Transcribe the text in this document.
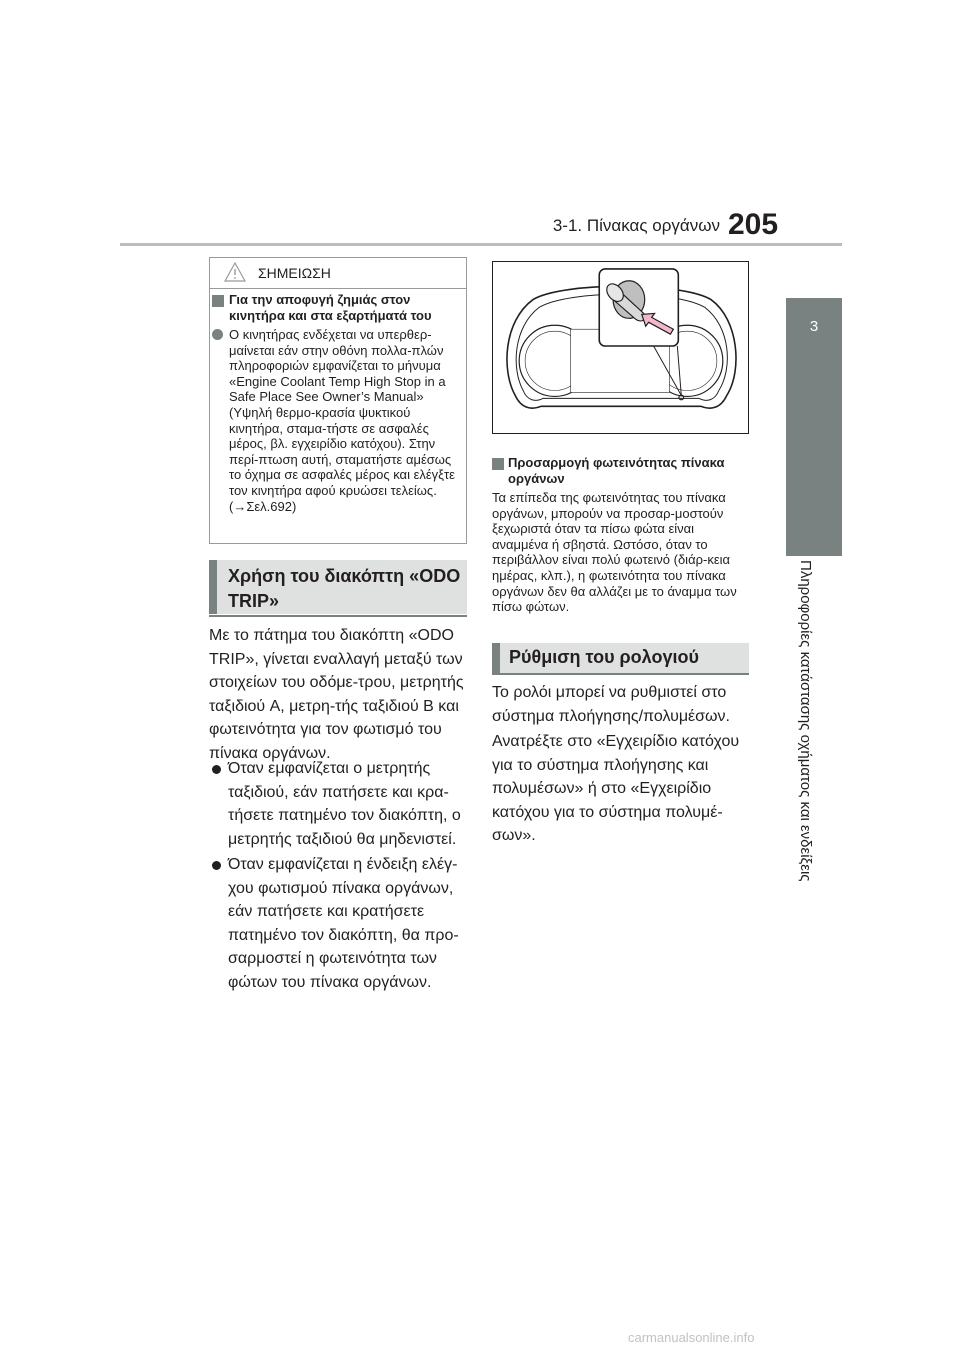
3-1. Πίνακας οργάνων 205
3
Πληροφορίες κατάστασης οχήματος και ενδείξεις
ΣΗΜΕΙΩΣΗ
Για την αποφυγή ζημιάς στον κινητήρα και στα εξαρτήματά του
Ο κινητήρας ενδέχεται να υπερθερ-μαίνεται εάν στην οθόνη πολλα-πλών πληροφοριών εμφανίζεται το μήνυμα «Engine Coolant Temp High Stop in a Safe Place See Owner’s Manual» (Υψηλή θερμο-κρασία ψυκτικού κινητήρα, σταμα-τήστε σε ασφαλές μέρος, βλ. εγχειρίδιο κατόχου). Στην περί-πτωση αυτή, σταματήστε αμέσως το όχημα σε ασφαλές μέρος και ελέγξτε τον κινητήρα αφού κρυώσει τελείως. (→Σελ.692)
Χρήση του διακόπτη «ODO TRIP»
Με το πάτημα του διακόπτη «ODO TRIP», γίνεται εναλλαγή μεταξύ των στοιχείων του οδόμε-τρου, μετρητής ταξιδιού A, μετρη-τής ταξιδιού B και φωτεινότητα για τον φωτισμό του πίνακα οργάνων.
Όταν εμφανίζεται ο μετρητής ταξιδιού, εάν πατήσετε και κρα-τήσετε πατημένο τον διακόπτη, ο μετρητής ταξιδιού θα μηδενιστεί.
Όταν εμφανίζεται η ένδειξη ελέγ-χου φωτισμού πίνακα οργάνων, εάν πατήσετε και κρατήσετε πατημένο τον διακόπτη, θα προ-σαρμοστεί η φωτεινότητα των φώτων του πίνακα οργάνων.
Προσαρμογή φωτεινότητας πίνακα οργάνων
Τα επίπεδα της φωτεινότητας του πίνακα οργάνων, μπορούν να προσαρ-μοστούν ξεχωριστά όταν τα πίσω φώτα είναι αναμμένα ή σβηστά. Ωστόσο, όταν το περιβάλλον είναι πολύ φωτεινό (διάρ-κεια ημέρας, κλπ.), η φωτεινότητα του πίνακα οργάνων δεν θα αλλάζει με το άναμμα των πίσω φώτων.
Ρύθμιση του ρολογιού
Το ρολόι μπορεί να ρυθμιστεί στο σύστημα πλοήγησης/πολυμέσων.
Ανατρέξτε στο «Εγχειρίδιο κατόχου για το σύστημα πλοήγησης και πολυμέσων» ή στο «Εγχειρίδιο κατόχου για το σύστημα πολυμέ-σων».
carmanualsonline.info
